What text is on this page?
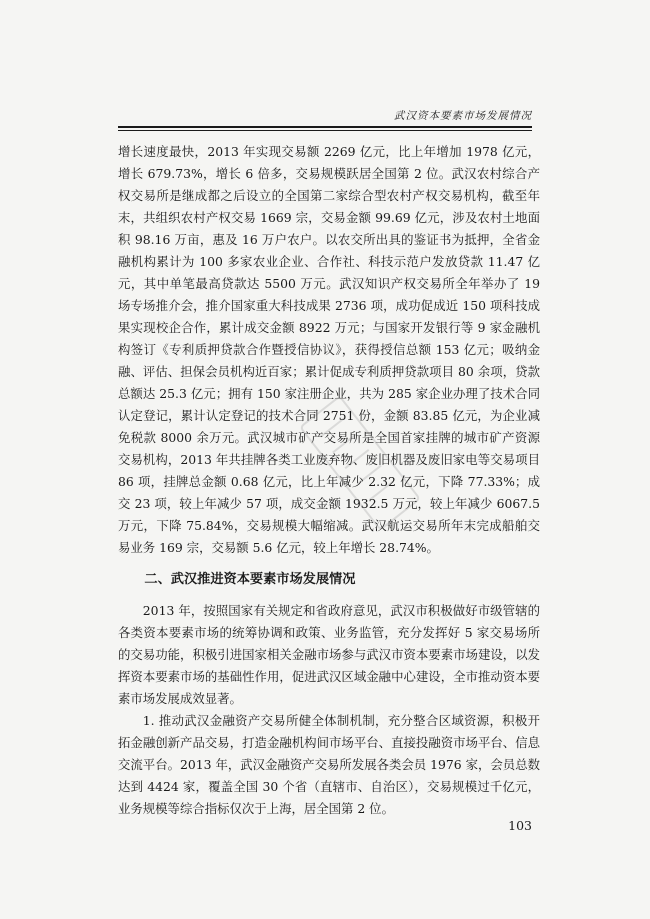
武汉资本要素市场发展情况

增长速度最快，2013 年实现交易额 2269 亿元，比上年增加 1978 亿元，增长 679.73%，增长 6 倍多，交易规模跃居全国第 2 位。武汉农村综合产权交易所是继成都之后设立的全国第二家综合型农村产权交易机构，截至年末，共组织农村产权交易 1669 宗，交易金额 99.69 亿元，涉及农村土地面积 98.16 万亩，惠及 16 万户农户。以农交所出具的鉴证书为抵押，全省金融机构累计为 100 多家农业企业、合作社、科技示范户发放贷款 11.47 亿元，其中单笔最高贷款达 5500 万元。武汉知识产权交易所全年举办了 19 场专场推介会，推介国家重大科技成果 2736 项，成功促成近 150 项科技成果实现校企合作，累计成交金额 8922 万元；与国家开发银行等 9 家金融机构签订《专利质押贷款合作暨授信协议》，获得授信总额 153 亿元；吸纳金融、评估、担保会员机构近百家；累计促成专利质押贷款项目 80 余项，贷款总额达 25.3 亿元；拥有 150 家注册企业，共为 285 家企业办理了技术合同认定登记，累计认定登记的技术合同 2751 份，金额 83.85 亿元，为企业减免税款 8000 余万元。武汉城市矿产交易所是全国首家挂牌的城市矿产资源交易机构，2013 年共挂牌各类工业废弃物、废旧机器及废旧家电等交易项目 86 项，挂牌总金额 0.68 亿元，比上年减少 2.32 亿元，下降 77.33%；成交 23 项，较上年减少 57 项，成交金额 1932.5 万元，较上年减少 6067.5 万元，下降 75.84%，交易规模大幅缩减。武汉航运交易所年末完成船舶交易业务 169 宗，交易额 5.6 亿元，较上年增长 28.74%。

二、武汉推进资本要素市场发展情况

2013 年，按照国家有关规定和省政府意见，武汉市积极做好市级管辖的各类资本要素市场的统筹协调和政策、业务监管，充分发挥好 5 家交易场所的交易功能，积极引进国家相关金融市场参与武汉市资本要素市场建设，以发挥资本要素市场的基础性作用，促进武汉区域金融中心建设，全市推动资本要素市场发展成效显著。

1. 推动武汉金融资产交易所健全体制机制，充分整合区域资源，积极开拓金融创新产品交易，打造金融机构间市场平台、直接投融资市场平台、信息交流平台。2013 年，武汉金融资产交易所发展各类会员 1976 家，会员总数达到 4424 家，覆盖全国 30 个省（直辖市、自治区），交易规模过千亿元，业务规模等综合指标仅次于上海，居全国第 2 位。

103
